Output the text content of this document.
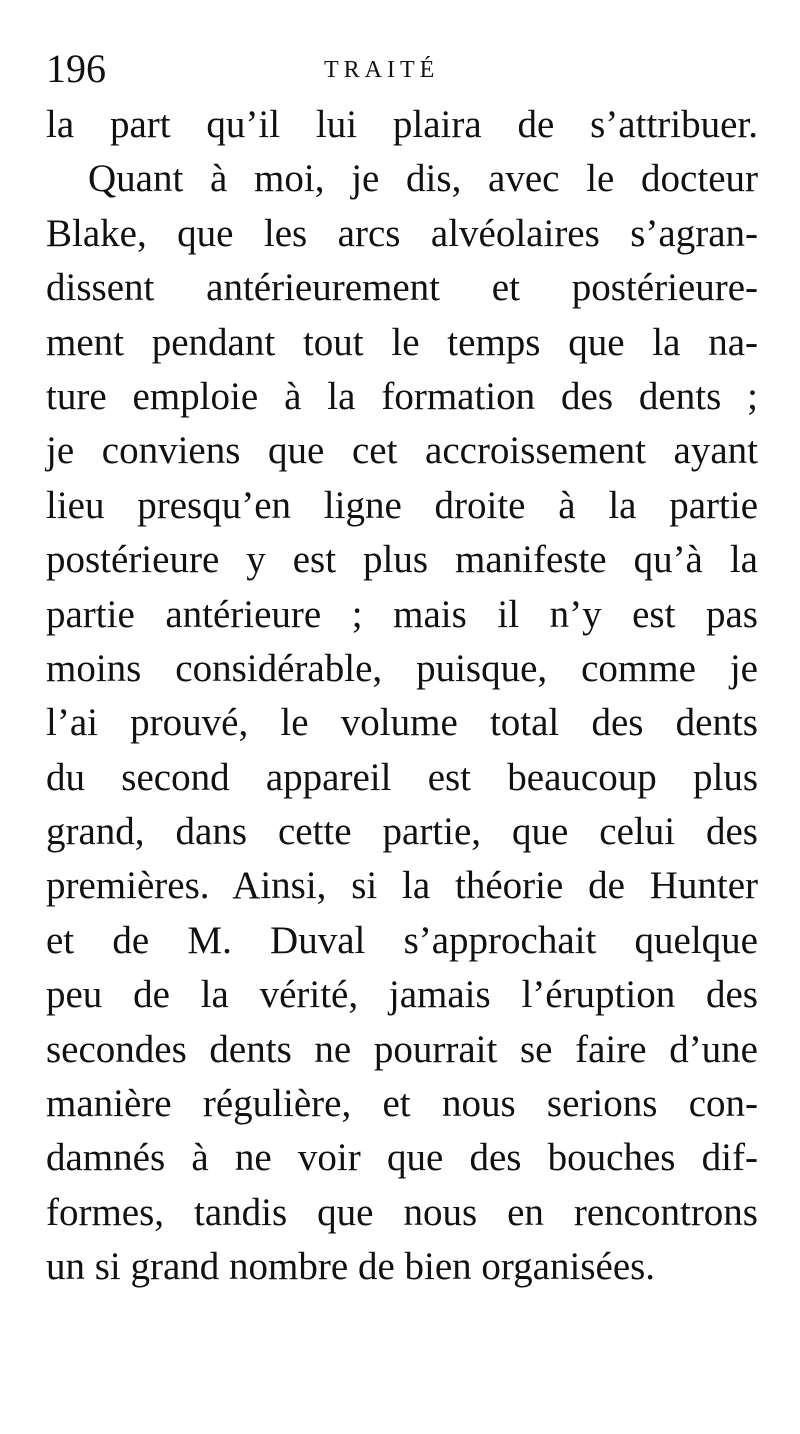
196	TRAITÉ
la part qu’il lui plaira de s’attribuer.
Quant à moi, je dis, avec le docteur
Blake, que les arcs alvéolaires s’agran-
dissent antérieurement et postérieure-
ment pendant tout le temps que la na-
ture emploie à la formation des dents ;
je conviens que cet accroissement ayant
lieu presqu’en ligne droite à la partie
postérieure y est plus manifeste qu’à la
partie antérieure ; mais il n’y est pas
moins considérable, puisque, comme je
l’ai prouvé, le volume total des dents
du second appareil est beaucoup plus
grand, dans cette partie, que celui des
premières. Ainsi, si la théorie de Hunter
et de M. Duval s’approchait quelque
peu de la vérité, jamais l’éruption des
secondes dents ne pourrait se faire d’une
manière régulière, et nous serions con-
damnés à ne voir que des bouches dif-
formes, tandis que nous en rencontrons
un si grand nombre de bien organisées.
